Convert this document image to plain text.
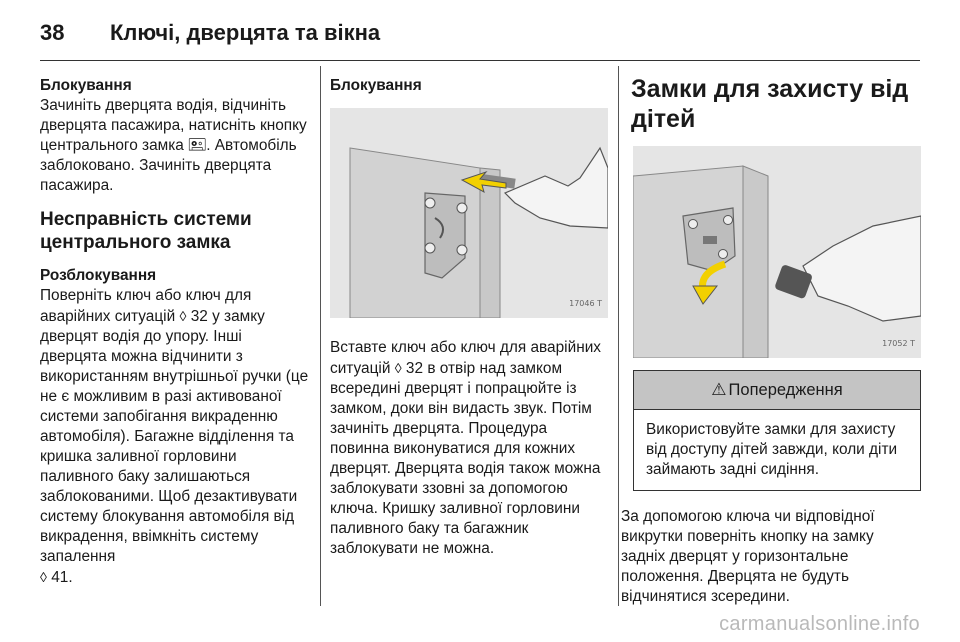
38	Ключі, дверцята та вікна

Блокування

Зачиніть дверцята водія, відчиніть дверцята пасажира, натисніть кнопку центрального замка 🖭. Автомобіль заблоковано. Зачиніть дверцята пасажира.

Несправність системи центрального замка

Розблокування

Поверніть ключ або ключ для аварійних ситуацій ◊ 32 у замку дверцят водія до упору. Інші дверцята можна відчинити з використанням внутрішньої ручки (це не є можливим в разі активованої системи запобігання викраденню автомобіля). Багажне відділення та кришка заливної горловини паливного баку залишаються заблокованими. Щоб дезактивувати систему блокування автомобіля від викрадення, ввімкніть систему запалення
◊ 41.

Блокування

17046 T

Вставте ключ або ключ для аварійних ситуацій ◊ 32 в отвір над замком всередині дверцят і попрацюйте із замком, доки він видасть звук. Потім зачиніть дверцята. Процедура повинна виконуватися для кожних дверцят. Дверцята водія також можна заблокувати ззовні за допомогою ключа. Кришку заливної горловини паливного баку та багажник заблокувати не можна.

Замки для захисту від дітей

17052 T
⚠ Попередження
Використовуйте замки для захисту від доступу дітей завжди, коли діти займають задні сидіння.

За допомогою ключа чи відповідної викрутки поверніть кнопку на замку задніх дверцят у горизонтальне положення. Дверцята не будуть відчинятися зсередини.

carmanualsonline.info
